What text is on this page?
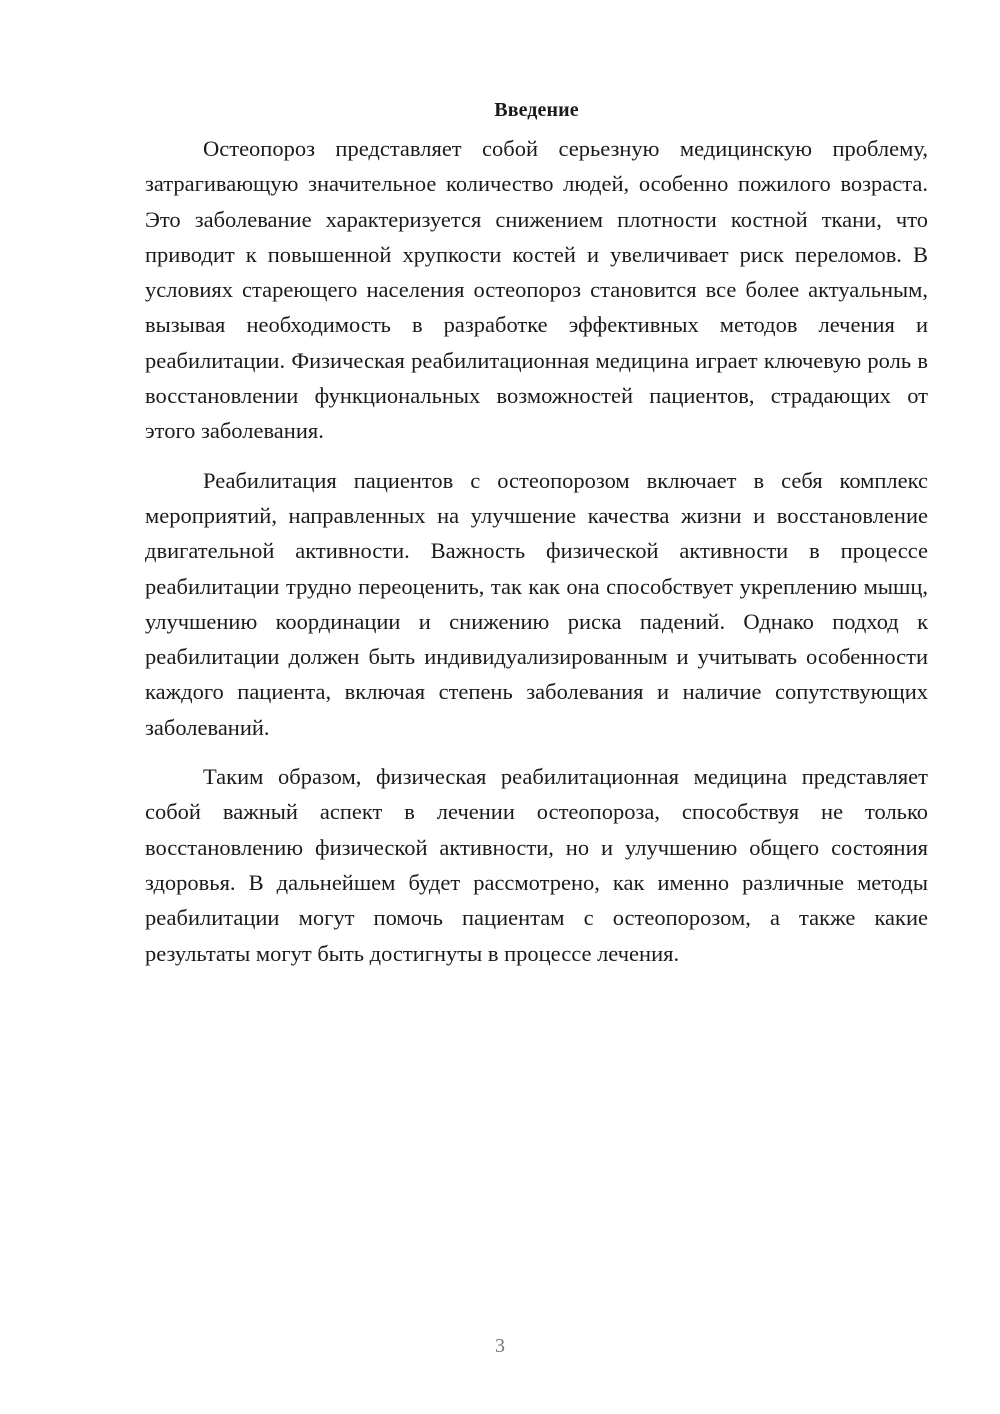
Введение

Остеопороз представляет собой серьезную медицинскую проблему, затрагивающую значительное количество людей, особенно пожилого возраста. Это заболевание характеризуется снижением плотности костной ткани, что приводит к повышенной хрупкости костей и увеличивает риск переломов. В условиях стареющего населения остеопороз становится все более актуальным, вызывая необходимость в разработке эффективных методов лечения и реабилитации. Физическая реабилитационная медицина играет ключевую роль в восстановлении функциональных возможностей пациентов, страдающих от этого заболевания.

Реабилитация пациентов с остеопорозом включает в себя комплекс мероприятий, направленных на улучшение качества жизни и восстановление двигательной активности. Важность физической активности в процессе реабилитации трудно переоценить, так как она способствует укреплению мышц, улучшению координации и снижению риска падений. Однако подход к реабилитации должен быть индивидуализированным и учитывать особенности каждого пациента, включая степень заболевания и наличие сопутствующих заболеваний.

Таким образом, физическая реабилитационная медицина представляет собой важный аспект в лечении остеопороза, способствуя не только восстановлению физической активности, но и улучшению общего состояния здоровья. В дальнейшем будет рассмотрено, как именно различные методы реабилитации могут помочь пациентам с остеопорозом, а также какие результаты могут быть достигнуты в процессе лечения.

3
